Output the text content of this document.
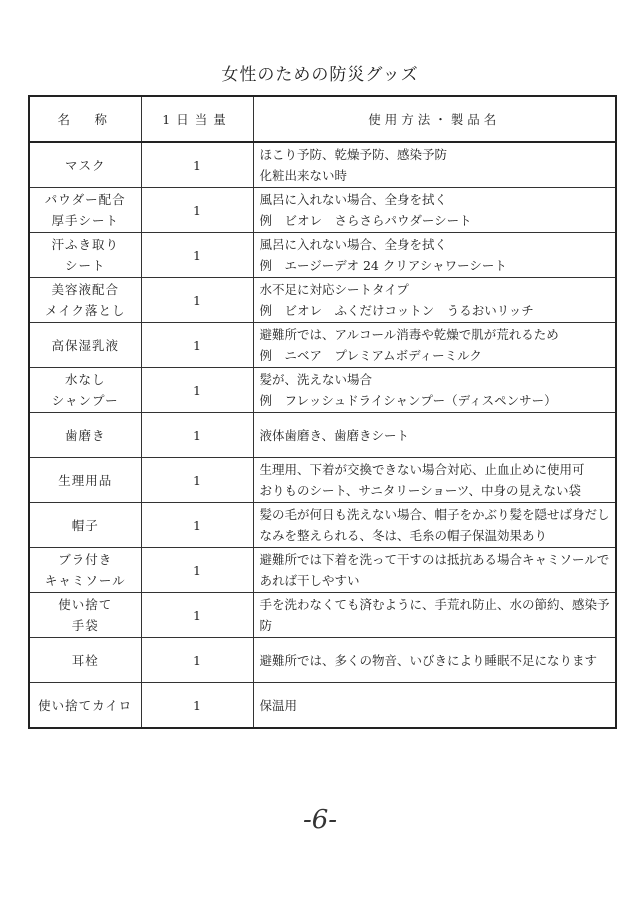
女性のための防災グッズ
名　称	1日当量	使用方法・製品名

マスク	1	ほこり予防、乾燥予防、感染予防
化粧出来ない時

パウダー配合
厚手シート	1	風呂に入れない場合、全身を拭く
例　ビオレ　さらさらパウダーシート

汗ふき取り
シート	1	風呂に入れない場合、全身を拭く
例　エージーデオ 24 クリアシャワーシート

美容液配合
メイク落とし	1	水不足に対応シートタイプ
例　ビオレ　ふくだけコットン　うるおいリッチ

高保湿乳液	1	避難所では、アルコール消毒や乾燥で肌が荒れるため
例　ニベア　プレミアムボディーミルク

水なし
シャンプー	1	髪が、洗えない場合
例　フレッシュドライシャンプー（ディスペンサー）

歯磨き	1	液体歯磨き、歯磨きシート

生理用品	1	生理用、下着が交換できない場合対応、止血止めに使用可
おりものシート、サニタリーショーツ、中身の見えない袋

帽子	1	髪の毛が何日も洗えない場合、帽子をかぶり髪を隠せば身だし
なみを整えられる、冬は、毛糸の帽子保温効果あり

ブラ付き
キャミソール	1	避難所では下着を洗って干すのは抵抗ある場合キャミソールで
あれば干しやすい

使い捨て
手袋	1	手を洗わなくても済むように、手荒れ防止、水の節約、感染予
防

耳栓	1	避難所では、多くの物音、いびきにより睡眠不足になります

使い捨てカイロ	1	保温用
-6-
